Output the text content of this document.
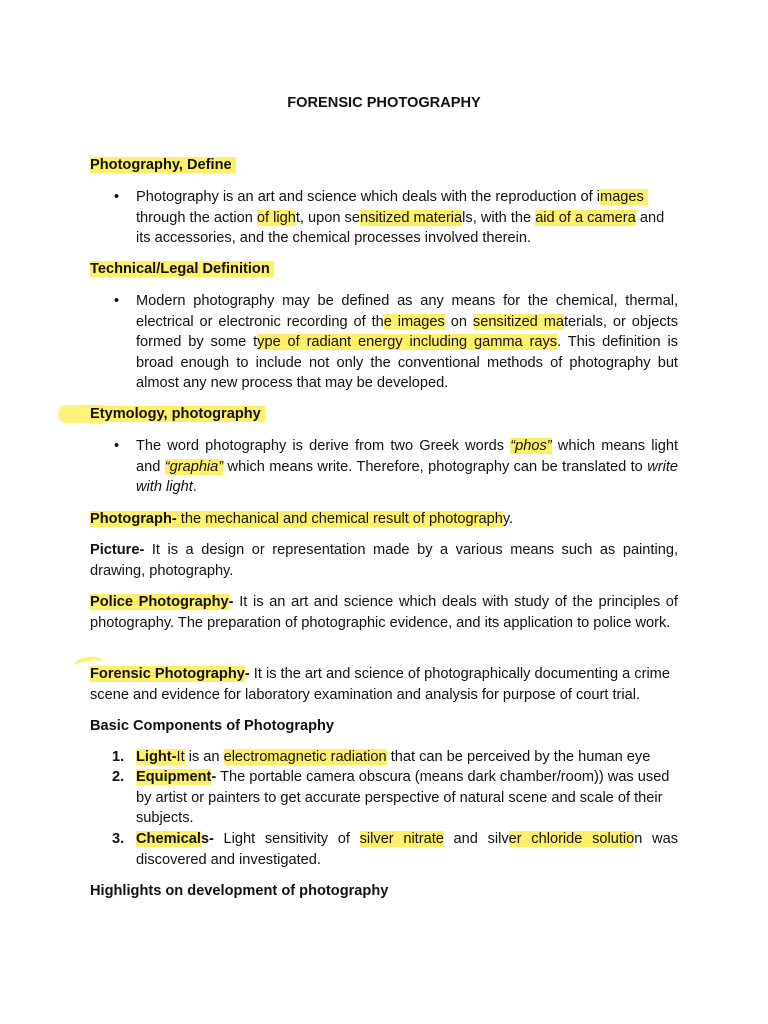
FORENSIC PHOTOGRAPHY

Photography, Define

•	Photography is an art and science which deals with the reproduction of images  through the action of light, upon sensitized materials, with the aid of a camera and its accessories, and the chemical processes involved therein.

Technical/Legal Definition

•	Modern photography may be defined as any means for the chemical, thermal, electrical or electronic recording of the images on sensitized materials, or objects formed by some type of radiant energy including gamma rays. This definition is broad enough to include not only the conventional methods of photography but almost any new process that may be developed.

Etymology, photography

•	The word photography is derive from two Greek words “phos” which means light and “graphia” which means write. Therefore, photography can be translated to write with light.

Photograph- the mechanical and chemical result of photography.

Picture- It is a design or representation made by a various means such as painting, drawing, photography.

Police Photography- It is an art and science which deals with study of the principles of photography. The preparation of photographic evidence, and its application to police work.

Forensic Photography- It is the art and science of photographically documenting a crime scene and evidence for laboratory examination and analysis for purpose of court trial.

Basic Components of Photography

1. Light-It is an electromagnetic radiation that can be perceived by the human eye

2. Equipment- The portable camera obscura (means dark chamber/room)) was used by artist or painters to get accurate perspective of natural scene and scale of their subjects.

3. Chemicals- Light sensitivity of silver nitrate and silver chloride solution was discovered and investigated.

Highlights on development of photography
